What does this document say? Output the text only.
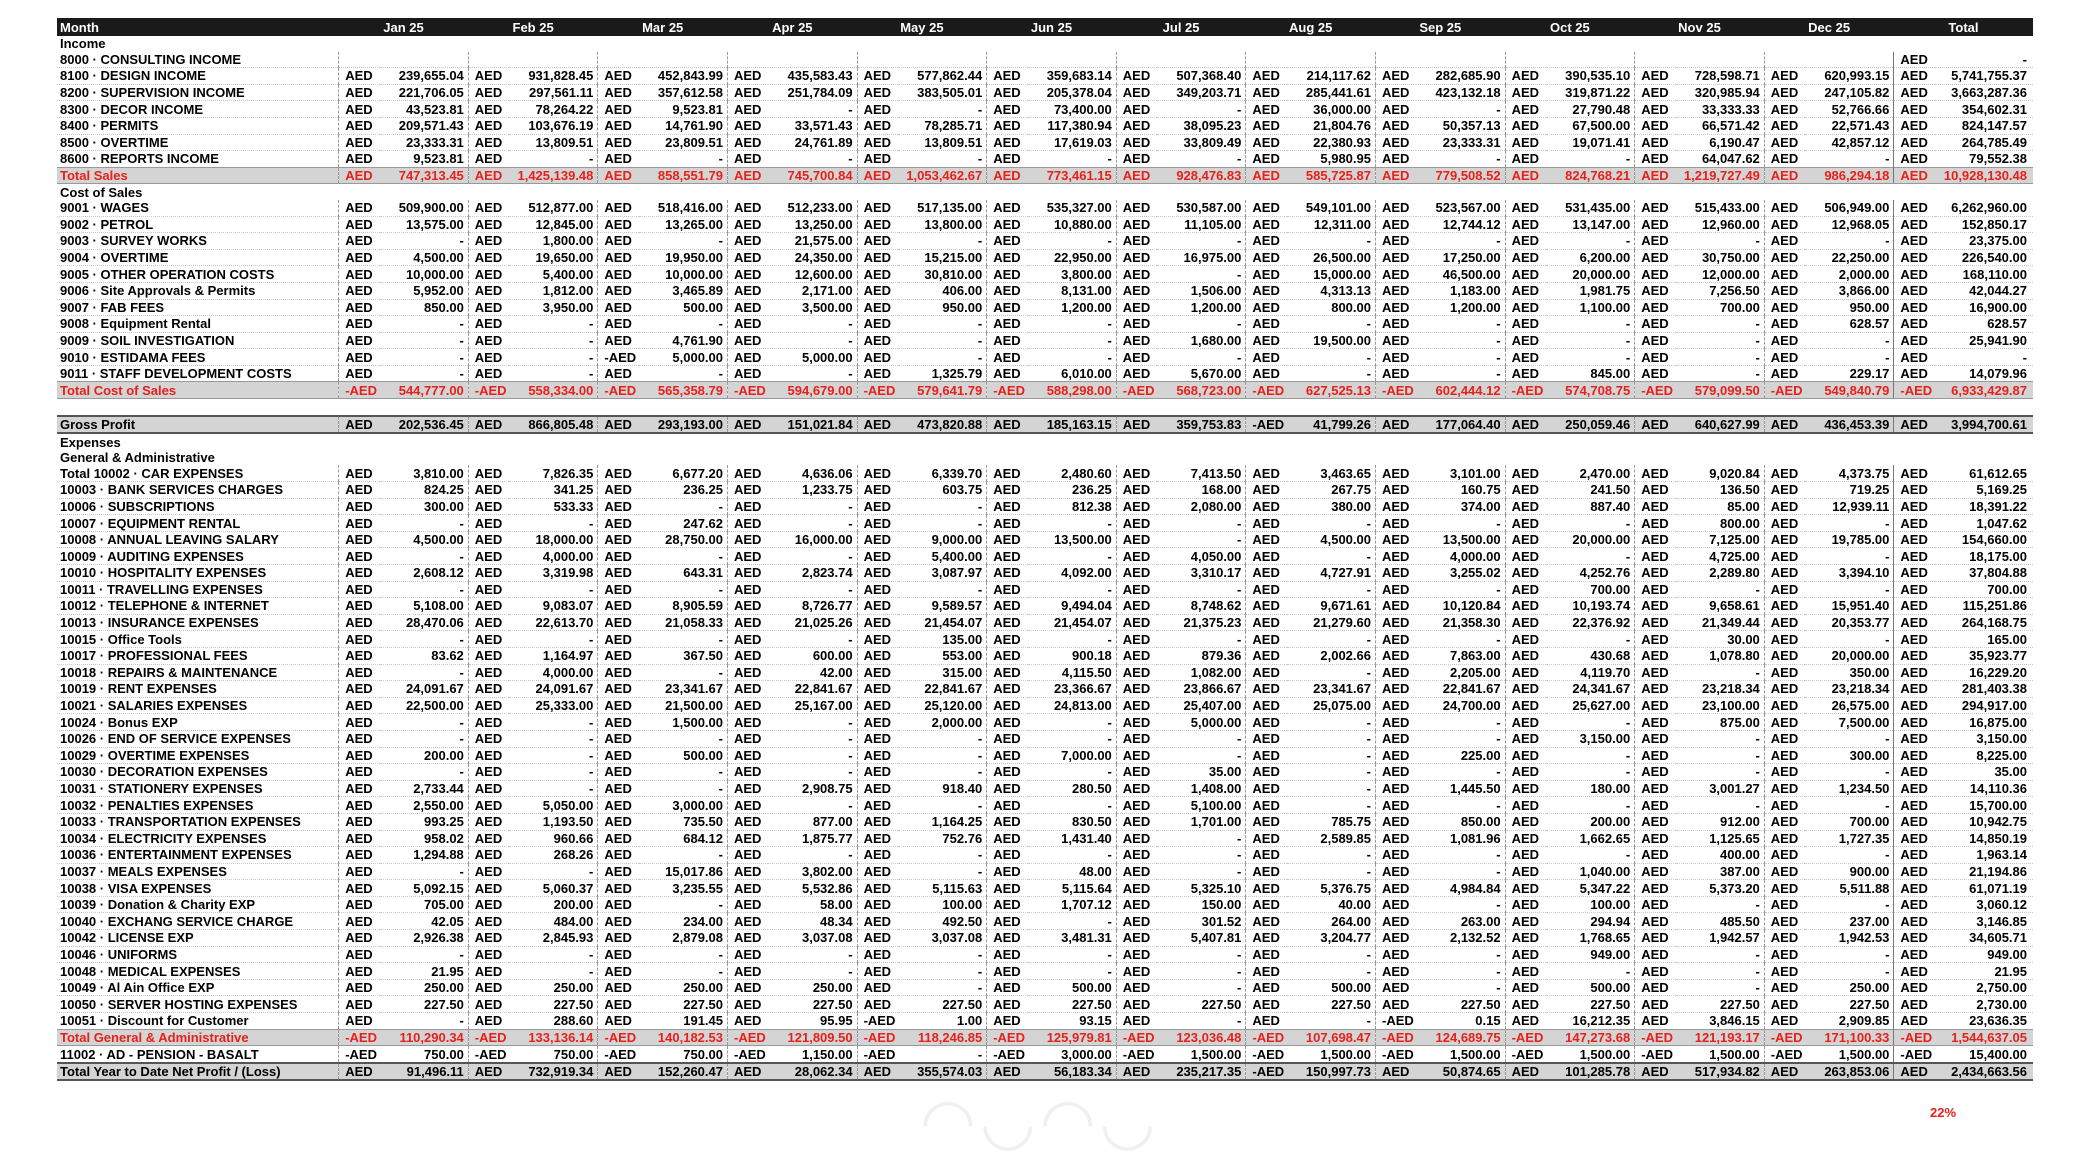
Month	Jan 25		Feb 25		Mar 25		Apr 25		May 25		Jun 25		Jul 25		Aug 25		Sep 25		Oct 25		Nov 25		Dec 25		Total	
Income																										
8000 · CONSULTING INCOME																									AED	-
8100 · DESIGN INCOME	AED	239,655.04	AED	931,828.45	AED	452,843.99	AED	435,583.43	AED	577,862.44	AED	359,683.14	AED	507,368.40	AED	214,117.62	AED	282,685.90	AED	390,535.10	AED	728,598.71	AED	620,993.15	AED	5,741,755.37
8200 · SUPERVISION INCOME	AED	221,706.05	AED	297,561.11	AED	357,612.58	AED	251,784.09	AED	383,505.01	AED	205,378.04	AED	349,203.71	AED	285,441.61	AED	423,132.18	AED	319,871.22	AED	320,985.94	AED	247,105.82	AED	3,663,287.36
8300 · DECOR INCOME	AED	43,523.81	AED	78,264.22	AED	9,523.81	AED	-	AED	-	AED	73,400.00	AED	-	AED	36,000.00	AED	-	AED	27,790.48	AED	33,333.33	AED	52,766.66	AED	354,602.31
8400 · PERMITS	AED	209,571.43	AED	103,676.19	AED	14,761.90	AED	33,571.43	AED	78,285.71	AED	117,380.94	AED	38,095.23	AED	21,804.76	AED	50,357.13	AED	67,500.00	AED	66,571.42	AED	22,571.43	AED	824,147.57
8500 · OVERTIME	AED	23,333.31	AED	13,809.51	AED	23,809.51	AED	24,761.89	AED	13,809.51	AED	17,619.03	AED	33,809.49	AED	22,380.93	AED	23,333.31	AED	19,071.41	AED	6,190.47	AED	42,857.12	AED	264,785.49
8600 · REPORTS INCOME	AED	9,523.81	AED	-	AED	-	AED	-	AED	-	AED	-	AED	-	AED	5,980.95	AED	-	AED	-	AED	64,047.62	AED	-	AED	79,552.38
Total Sales	AED	747,313.45	AED	1,425,139.48	AED	858,551.79	AED	745,700.84	AED	1,053,462.67	AED	773,461.15	AED	928,476.83	AED	585,725.87	AED	779,508.52	AED	824,768.21	AED	1,219,727.49	AED	986,294.18	AED	10,928,130.48
Cost of Sales																										
9001 · WAGES	AED	509,900.00	AED	512,877.00	AED	518,416.00	AED	512,233.00	AED	517,135.00	AED	535,327.00	AED	530,587.00	AED	549,101.00	AED	523,567.00	AED	531,435.00	AED	515,433.00	AED	506,949.00	AED	6,262,960.00
9002 · PETROL	AED	13,575.00	AED	12,845.00	AED	13,265.00	AED	13,250.00	AED	13,800.00	AED	10,880.00	AED	11,105.00	AED	12,311.00	AED	12,744.12	AED	13,147.00	AED	12,960.00	AED	12,968.05	AED	152,850.17
9003 · SURVEY WORKS	AED	-	AED	1,800.00	AED	-	AED	21,575.00	AED	-	AED	-	AED	-	AED	-	AED	-	AED	-	AED	-	AED	-	AED	23,375.00
9004 · OVERTIME	AED	4,500.00	AED	19,650.00	AED	19,950.00	AED	24,350.00	AED	15,215.00	AED	22,950.00	AED	16,975.00	AED	26,500.00	AED	17,250.00	AED	6,200.00	AED	30,750.00	AED	22,250.00	AED	226,540.00
9005 · OTHER OPERATION COSTS	AED	10,000.00	AED	5,400.00	AED	10,000.00	AED	12,600.00	AED	30,810.00	AED	3,800.00	AED	-	AED	15,000.00	AED	46,500.00	AED	20,000.00	AED	12,000.00	AED	2,000.00	AED	168,110.00
9006 · Site Approvals & Permits	AED	5,952.00	AED	1,812.00	AED	3,465.89	AED	2,171.00	AED	406.00	AED	8,131.00	AED	1,506.00	AED	4,313.13	AED	1,183.00	AED	1,981.75	AED	7,256.50	AED	3,866.00	AED	42,044.27
9007 · FAB FEES	AED	850.00	AED	3,950.00	AED	500.00	AED	3,500.00	AED	950.00	AED	1,200.00	AED	1,200.00	AED	800.00	AED	1,200.00	AED	1,100.00	AED	700.00	AED	950.00	AED	16,900.00
9008 · Equipment Rental	AED	-	AED	-	AED	-	AED	-	AED	-	AED	-	AED	-	AED	-	AED	-	AED	-	AED	-	AED	628.57	AED	628.57
9009 · SOIL INVESTIGATION	AED	-	AED	-	AED	4,761.90	AED	-	AED	-	AED	-	AED	1,680.00	AED	19,500.00	AED	-	AED	-	AED	-	AED	-	AED	25,941.90
9010 · ESTIDAMA FEES	AED	-	AED	-	-AED	5,000.00	AED	5,000.00	AED	-	AED	-	AED	-	AED	-	AED	-	AED	-	AED	-	AED	-	AED	-
9011 · STAFF DEVELOPMENT COSTS	AED	-	AED	-	AED	-	AED	-	AED	1,325.79	AED	6,010.00	AED	5,670.00	AED	-	AED	-	AED	845.00	AED	-	AED	229.17	AED	14,079.96
Total Cost of Sales	-AED	544,777.00	-AED	558,334.00	-AED	565,358.79	-AED	594,679.00	-AED	579,641.79	-AED	588,298.00	-AED	568,723.00	-AED	627,525.13	-AED	602,444.12	-AED	574,708.75	-AED	579,099.50	-AED	549,840.79	-AED	6,933,429.87

Gross Profit	AED	202,536.45	AED	866,805.48	AED	293,193.00	AED	151,021.84	AED	473,820.88	AED	185,163.15	AED	359,753.83	-AED	41,799.26	AED	177,064.40	AED	250,059.46	AED	640,627.99	AED	436,453.39	AED	3,994,700.61
Expenses																										
General & Administrative																										
Total 10002 · CAR EXPENSES	AED	3,810.00	AED	7,826.35	AED	6,677.20	AED	4,636.06	AED	6,339.70	AED	2,480.60	AED	7,413.50	AED	3,463.65	AED	3,101.00	AED	2,470.00	AED	9,020.84	AED	4,373.75	AED	61,612.65
10003 · BANK SERVICES CHARGES	AED	824.25	AED	341.25	AED	236.25	AED	1,233.75	AED	603.75	AED	236.25	AED	168.00	AED	267.75	AED	160.75	AED	241.50	AED	136.50	AED	719.25	AED	5,169.25
10006 · SUBSCRIPTIONS	AED	300.00	AED	533.33	AED	-	AED	-	AED	-	AED	812.38	AED	2,080.00	AED	380.00	AED	374.00	AED	887.40	AED	85.00	AED	12,939.11	AED	18,391.22
10007 · EQUIPMENT RENTAL	AED	-	AED	-	AED	247.62	AED	-	AED	-	AED	-	AED	-	AED	-	AED	-	AED	-	AED	800.00	AED	-	AED	1,047.62
10008 · ANNUAL LEAVING SALARY	AED	4,500.00	AED	18,000.00	AED	28,750.00	AED	16,000.00	AED	9,000.00	AED	13,500.00	AED	-	AED	4,500.00	AED	13,500.00	AED	20,000.00	AED	7,125.00	AED	19,785.00	AED	154,660.00
10009 · AUDITING EXPENSES	AED	-	AED	4,000.00	AED	-	AED	-	AED	5,400.00	AED	-	AED	4,050.00	AED	-	AED	4,000.00	AED	-	AED	4,725.00	AED	-	AED	18,175.00
10010 · HOSPITALITY EXPENSES	AED	2,608.12	AED	3,319.98	AED	643.31	AED	2,823.74	AED	3,087.97	AED	4,092.00	AED	3,310.17	AED	4,727.91	AED	3,255.02	AED	4,252.76	AED	2,289.80	AED	3,394.10	AED	37,804.88
10011 · TRAVELLING EXPENSES	AED	-	AED	-	AED	-	AED	-	AED	-	AED	-	AED	-	AED	-	AED	-	AED	700.00	AED	-	AED	-	AED	700.00
10012 · TELEPHONE & INTERNET	AED	5,108.00	AED	9,083.07	AED	8,905.59	AED	8,726.77	AED	9,589.57	AED	9,494.04	AED	8,748.62	AED	9,671.61	AED	10,120.84	AED	10,193.74	AED	9,658.61	AED	15,951.40	AED	115,251.86
10013 · INSURANCE EXPENSES	AED	28,470.06	AED	22,613.70	AED	21,058.33	AED	21,025.26	AED	21,454.07	AED	21,454.07	AED	21,375.23	AED	21,279.60	AED	21,358.30	AED	22,376.92	AED	21,349.44	AED	20,353.77	AED	264,168.75
10015 · Office Tools	AED	-	AED	-	AED	-	AED	-	AED	135.00	AED	-	AED	-	AED	-	AED	-	AED	-	AED	30.00	AED	-	AED	165.00
10017 · PROFESSIONAL FEES	AED	83.62	AED	1,164.97	AED	367.50	AED	600.00	AED	553.00	AED	900.18	AED	879.36	AED	2,002.66	AED	7,863.00	AED	430.68	AED	1,078.80	AED	20,000.00	AED	35,923.77
10018 · REPAIRS & MAINTENANCE	AED	-	AED	4,000.00	AED	-	AED	42.00	AED	315.00	AED	4,115.50	AED	1,082.00	AED	-	AED	2,205.00	AED	4,119.70	AED	-	AED	350.00	AED	16,229.20
10019 · RENT EXPENSES	AED	24,091.67	AED	24,091.67	AED	23,341.67	AED	22,841.67	AED	22,841.67	AED	23,366.67	AED	23,866.67	AED	23,341.67	AED	22,841.67	AED	24,341.67	AED	23,218.34	AED	23,218.34	AED	281,403.38
10021 · SALARIES EXPENSES	AED	22,500.00	AED	25,333.00	AED	21,500.00	AED	25,167.00	AED	25,120.00	AED	24,813.00	AED	25,407.00	AED	25,075.00	AED	24,700.00	AED	25,627.00	AED	23,100.00	AED	26,575.00	AED	294,917.00
10024 · Bonus EXP	AED	-	AED	-	AED	1,500.00	AED	-	AED	2,000.00	AED	-	AED	5,000.00	AED	-	AED	-	AED	-	AED	875.00	AED	7,500.00	AED	16,875.00
10026 · END OF SERVICE EXPENSES	AED	-	AED	-	AED	-	AED	-	AED	-	AED	-	AED	-	AED	-	AED	-	AED	3,150.00	AED	-	AED	-	AED	3,150.00
10029 · OVERTIME EXPENSES	AED	200.00	AED	-	AED	500.00	AED	-	AED	-	AED	7,000.00	AED	-	AED	-	AED	225.00	AED	-	AED	-	AED	300.00	AED	8,225.00
10030 · DECORATION EXPENSES	AED	-	AED	-	AED	-	AED	-	AED	-	AED	-	AED	35.00	AED	-	AED	-	AED	-	AED	-	AED	-	AED	35.00
10031 · STATIONERY EXPENSES	AED	2,733.44	AED	-	AED	-	AED	2,908.75	AED	918.40	AED	280.50	AED	1,408.00	AED	-	AED	1,445.50	AED	180.00	AED	3,001.27	AED	1,234.50	AED	14,110.36
10032 · PENALTIES EXPENSES	AED	2,550.00	AED	5,050.00	AED	3,000.00	AED	-	AED	-	AED	-	AED	5,100.00	AED	-	AED	-	AED	-	AED	-	AED	-	AED	15,700.00
10033 · TRANSPORTATION EXPENSES	AED	993.25	AED	1,193.50	AED	735.50	AED	877.00	AED	1,164.25	AED	830.50	AED	1,701.00	AED	785.75	AED	850.00	AED	200.00	AED	912.00	AED	700.00	AED	10,942.75
10034 · ELECTRICITY EXPENSES	AED	958.02	AED	960.66	AED	684.12	AED	1,875.77	AED	752.76	AED	1,431.40	AED	-	AED	2,589.85	AED	1,081.96	AED	1,662.65	AED	1,125.65	AED	1,727.35	AED	14,850.19
10036 · ENTERTAINMENT EXPENSES	AED	1,294.88	AED	268.26	AED	-	AED	-	AED	-	AED	-	AED	-	AED	-	AED	-	AED	-	AED	400.00	AED	-	AED	1,963.14
10037 · MEALS EXPENSES	AED	-	AED	-	AED	15,017.86	AED	3,802.00	AED	-	AED	48.00	AED	-	AED	-	AED	-	AED	1,040.00	AED	387.00	AED	900.00	AED	21,194.86
10038 · VISA EXPENSES	AED	5,092.15	AED	5,060.37	AED	3,235.55	AED	5,532.86	AED	5,115.63	AED	5,115.64	AED	5,325.10	AED	5,376.75	AED	4,984.84	AED	5,347.22	AED	5,373.20	AED	5,511.88	AED	61,071.19
10039 · Donation & Charity EXP	AED	705.00	AED	200.00	AED	-	AED	58.00	AED	100.00	AED	1,707.12	AED	150.00	AED	40.00	AED	-	AED	100.00	AED	-	AED	-	AED	3,060.12
10040 · EXCHANG SERVICE CHARGE	AED	42.05	AED	484.00	AED	234.00	AED	48.34	AED	492.50	AED	-	AED	301.52	AED	264.00	AED	263.00	AED	294.94	AED	485.50	AED	237.00	AED	3,146.85
10042 · LICENSE EXP	AED	2,926.38	AED	2,845.93	AED	2,879.08	AED	3,037.08	AED	3,037.08	AED	3,481.31	AED	5,407.81	AED	3,204.77	AED	2,132.52	AED	1,768.65	AED	1,942.57	AED	1,942.53	AED	34,605.71
10046 · UNIFORMS	AED	-	AED	-	AED	-	AED	-	AED	-	AED	-	AED	-	AED	-	AED	-	AED	949.00	AED	-	AED	-	AED	949.00
10048 · MEDICAL EXPENSES	AED	21.95	AED	-	AED	-	AED	-	AED	-	AED	-	AED	-	AED	-	AED	-	AED	-	AED	-	AED	-	AED	21.95
10049 · Al Ain Office EXP	AED	250.00	AED	250.00	AED	250.00	AED	250.00	AED	-	AED	500.00	AED	-	AED	500.00	AED	-	AED	500.00	AED	-	AED	250.00	AED	2,750.00
10050 · SERVER HOSTING EXPENSES	AED	227.50	AED	227.50	AED	227.50	AED	227.50	AED	227.50	AED	227.50	AED	227.50	AED	227.50	AED	227.50	AED	227.50	AED	227.50	AED	227.50	AED	2,730.00
10051 · Discount for Customer	AED	-	AED	288.60	AED	191.45	AED	95.95	-AED	1.00	AED	93.15	AED	-	AED	-	-AED	0.15	AED	16,212.35	AED	3,846.15	AED	2,909.85	AED	23,636.35
Total General & Administrative	-AED	110,290.34	-AED	133,136.14	-AED	140,182.53	-AED	121,809.50	-AED	118,246.85	-AED	125,979.81	-AED	123,036.48	-AED	107,698.47	-AED	124,689.75	-AED	147,273.68	-AED	121,193.17	-AED	171,100.33	-AED	1,544,637.05
11002 · AD - PENSION - BASALT	-AED	750.00	-AED	750.00	-AED	750.00	-AED	1,150.00	-AED	-	-AED	3,000.00	-AED	1,500.00	-AED	1,500.00	-AED	1,500.00	-AED	1,500.00	-AED	1,500.00	-AED	1,500.00	-AED	15,400.00
Total Year to Date Net Profit / (Loss)	AED	91,496.11	AED	732,919.34	AED	152,260.47	AED	28,062.34	AED	355,574.03	AED	56,183.34	AED	235,217.35	-AED	150,997.73	AED	50,874.65	AED	101,285.78	AED	517,934.82	AED	263,853.06	AED	2,434,663.56
◠◡◠◡	22%
